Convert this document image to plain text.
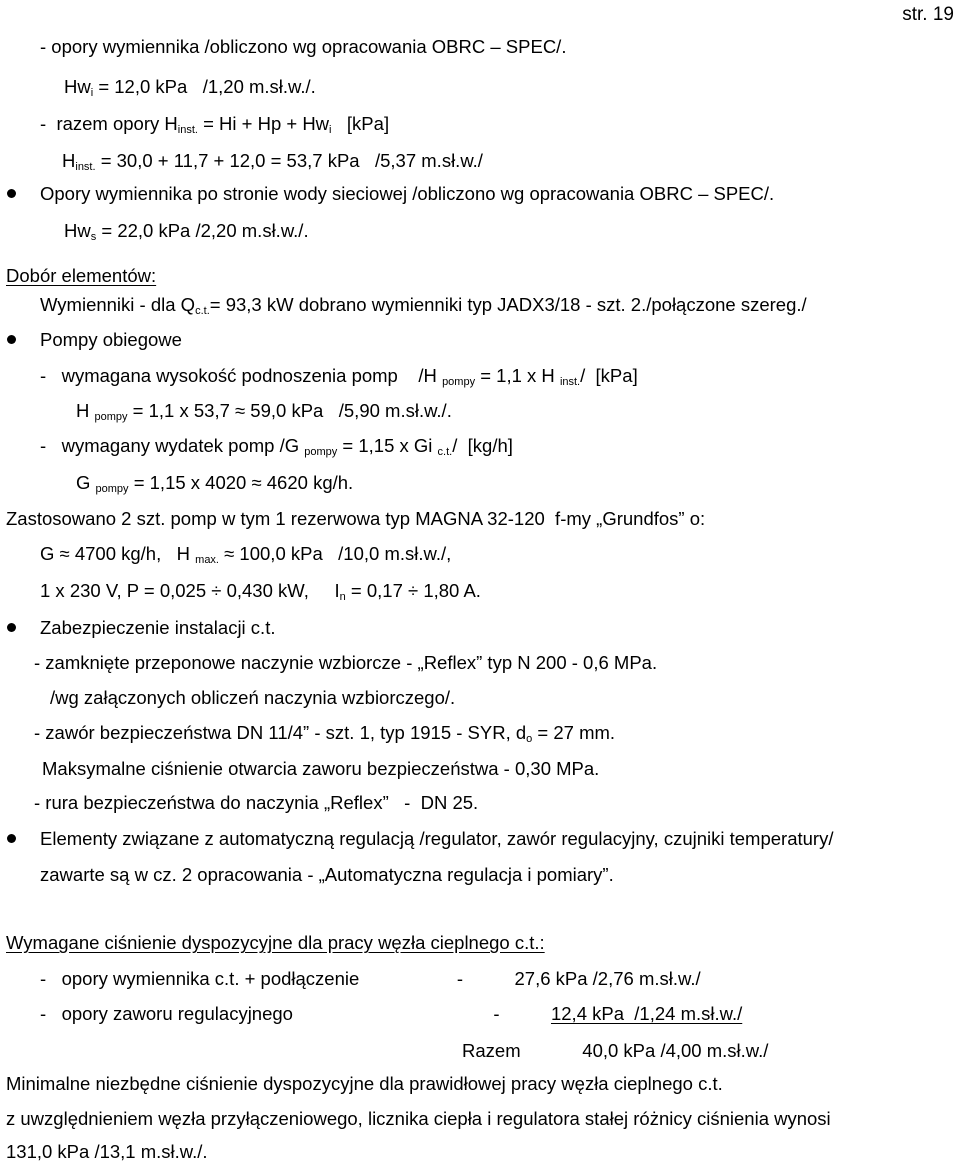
str. 19
- opory wymiennika /obliczono wg opracowania OBRC – SPEC/.
$Hw_i = 12,0$ kPa   /1,20 m.sł.w./.
-  razem opory $H_{inst.} = Hi + Hp + Hw_i$   [kPa]
$H_{inst.} = 30,0 + 11,7 + 12,0 = 53,7$ kPa   /5,37 m.sł.w./
Opory wymiennika po stronie wody sieciowej /obliczono wg opracowania OBRC – SPEC/.
$Hw_s = 22,0$ kPa /2,20 m.sł.w./.
Dobór elementów:
Wymienniki - dla $Q_{c.t.}= 93,3$ kW dobrano wymienniki typ JADX3/18 - szt. 2./połączone szereg./
Pompy obiegowe
-   wymagana wysokość podnoszenia pomp    /H $_{pompy}$ = 1,1 x H $_{inst.}$/  [kPa]
H $_{pompy}$ = 1,1 x 53,7 ≈ 59,0 kPa   /5,90 m.sł.w./.
-   wymagany wydatek pomp /G $_{pompy}$ = 1,15 x Gi $_{c.t.}$/  [kg/h]
G $_{pompy}$ = 1,15 x 4020 ≈ 4620 kg/h.
Zastosowano 2 szt. pomp w tym 1 rezerwowa typ MAGNA 32-120  f-my „Grundfos” o:
G ≈ 4700 kg/h,   H $_{max.}$ ≈ 100,0 kPa   /10,0 m.sł.w./,
1 x 230 V, P = 0,025 ÷ 0,430 kW,     $I_n = 0,17 \div 1,80$ A.
Zabezpieczenie instalacji c.t.
- zamknięte przeponowe naczynie wzbiorcze - „Reflex” typ N 200 - 0,6 MPa.
/wg załączonych obliczeń naczynia wzbiorczego/.
- zawór bezpieczeństwa DN 11/4” - szt. 1, typ 1915 - SYR, $d_o = 27$ mm.
Maksymalne ciśnienie otwarcia zaworu bezpieczeństwa - 0,30 MPa.
- rura bezpieczeństwa do naczynia „Reflex”   -  DN 25.
Elementy związane z automatyczną regulacją /regulator, zawór regulacyjny, czujniki temperatury/
zawarte są w cz. 2 opracowania - „Automatyczna regulacja i pomiary”.
Wymagane ciśnienie dyspozycyjne dla pracy węzła cieplnego c.t.:
-   opory wymiennika c.t. + podłączenie                   -          27,6 kPa /2,76 m.sł.w./
-   opory zaworu regulacyjnego                                       -          12,4 kPa  /1,24 m.sł.w./
Razem            40,0 kPa /4,00 m.sł.w./
Minimalne niezbędne ciśnienie dyspozycyjne dla prawidłowej pracy węzła cieplnego c.t.
z uwzględnieniem węzła przyłączeniowego, licznika ciepła i regulatora stałej różnicy ciśnienia wynosi
131,0 kPa /13,1 m.sł.w./.
